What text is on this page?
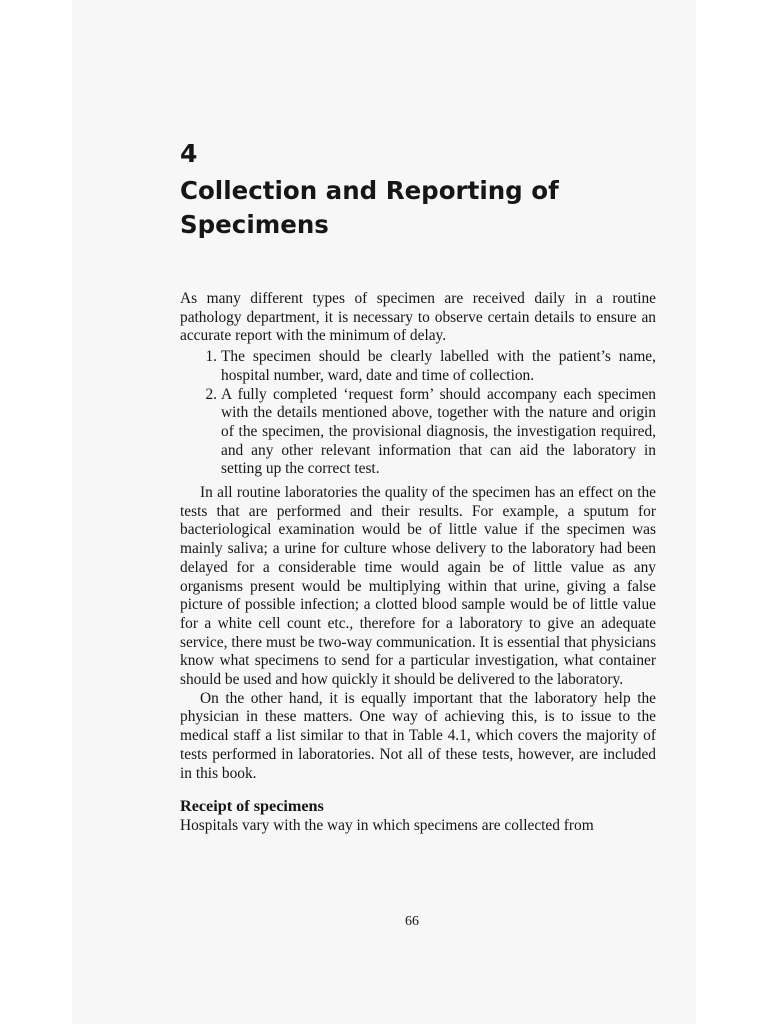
4
Collection and Reporting of Specimens

As many different types of specimen are received daily in a routine pathology department, it is necessary to observe certain details to ensure an accurate report with the minimum of delay.

1. The specimen should be clearly labelled with the patient’s name, hospital number, ward, date and time of collection.
2. A fully completed ‘request form’ should accompany each specimen with the details mentioned above, together with the nature and origin of the specimen, the provisional diagnosis, the investigation required, and any other relevant information that can aid the laboratory in setting up the correct test.

In all routine laboratories the quality of the specimen has an effect on the tests that are performed and their results. For example, a sputum for bacteriological examination would be of little value if the specimen was mainly saliva; a urine for culture whose delivery to the laboratory had been delayed for a considerable time would again be of little value as any organisms present would be multiplying within that urine, giving a false picture of possible infection; a clotted blood sample would be of little value for a white cell count etc., therefore for a laboratory to give an adequate service, there must be two-way communication. It is essential that physicians know what specimens to send for a particular investigation, what container should be used and how quickly it should be delivered to the laboratory.

On the other hand, it is equally important that the laboratory help the physician in these matters. One way of achieving this, is to issue to the medical staff a list similar to that in Table 4.1, which covers the majority of tests performed in laboratories. Not all of these tests, however, are included in this book.

Receipt of specimens

Hospitals vary with the way in which specimens are collected from

66
